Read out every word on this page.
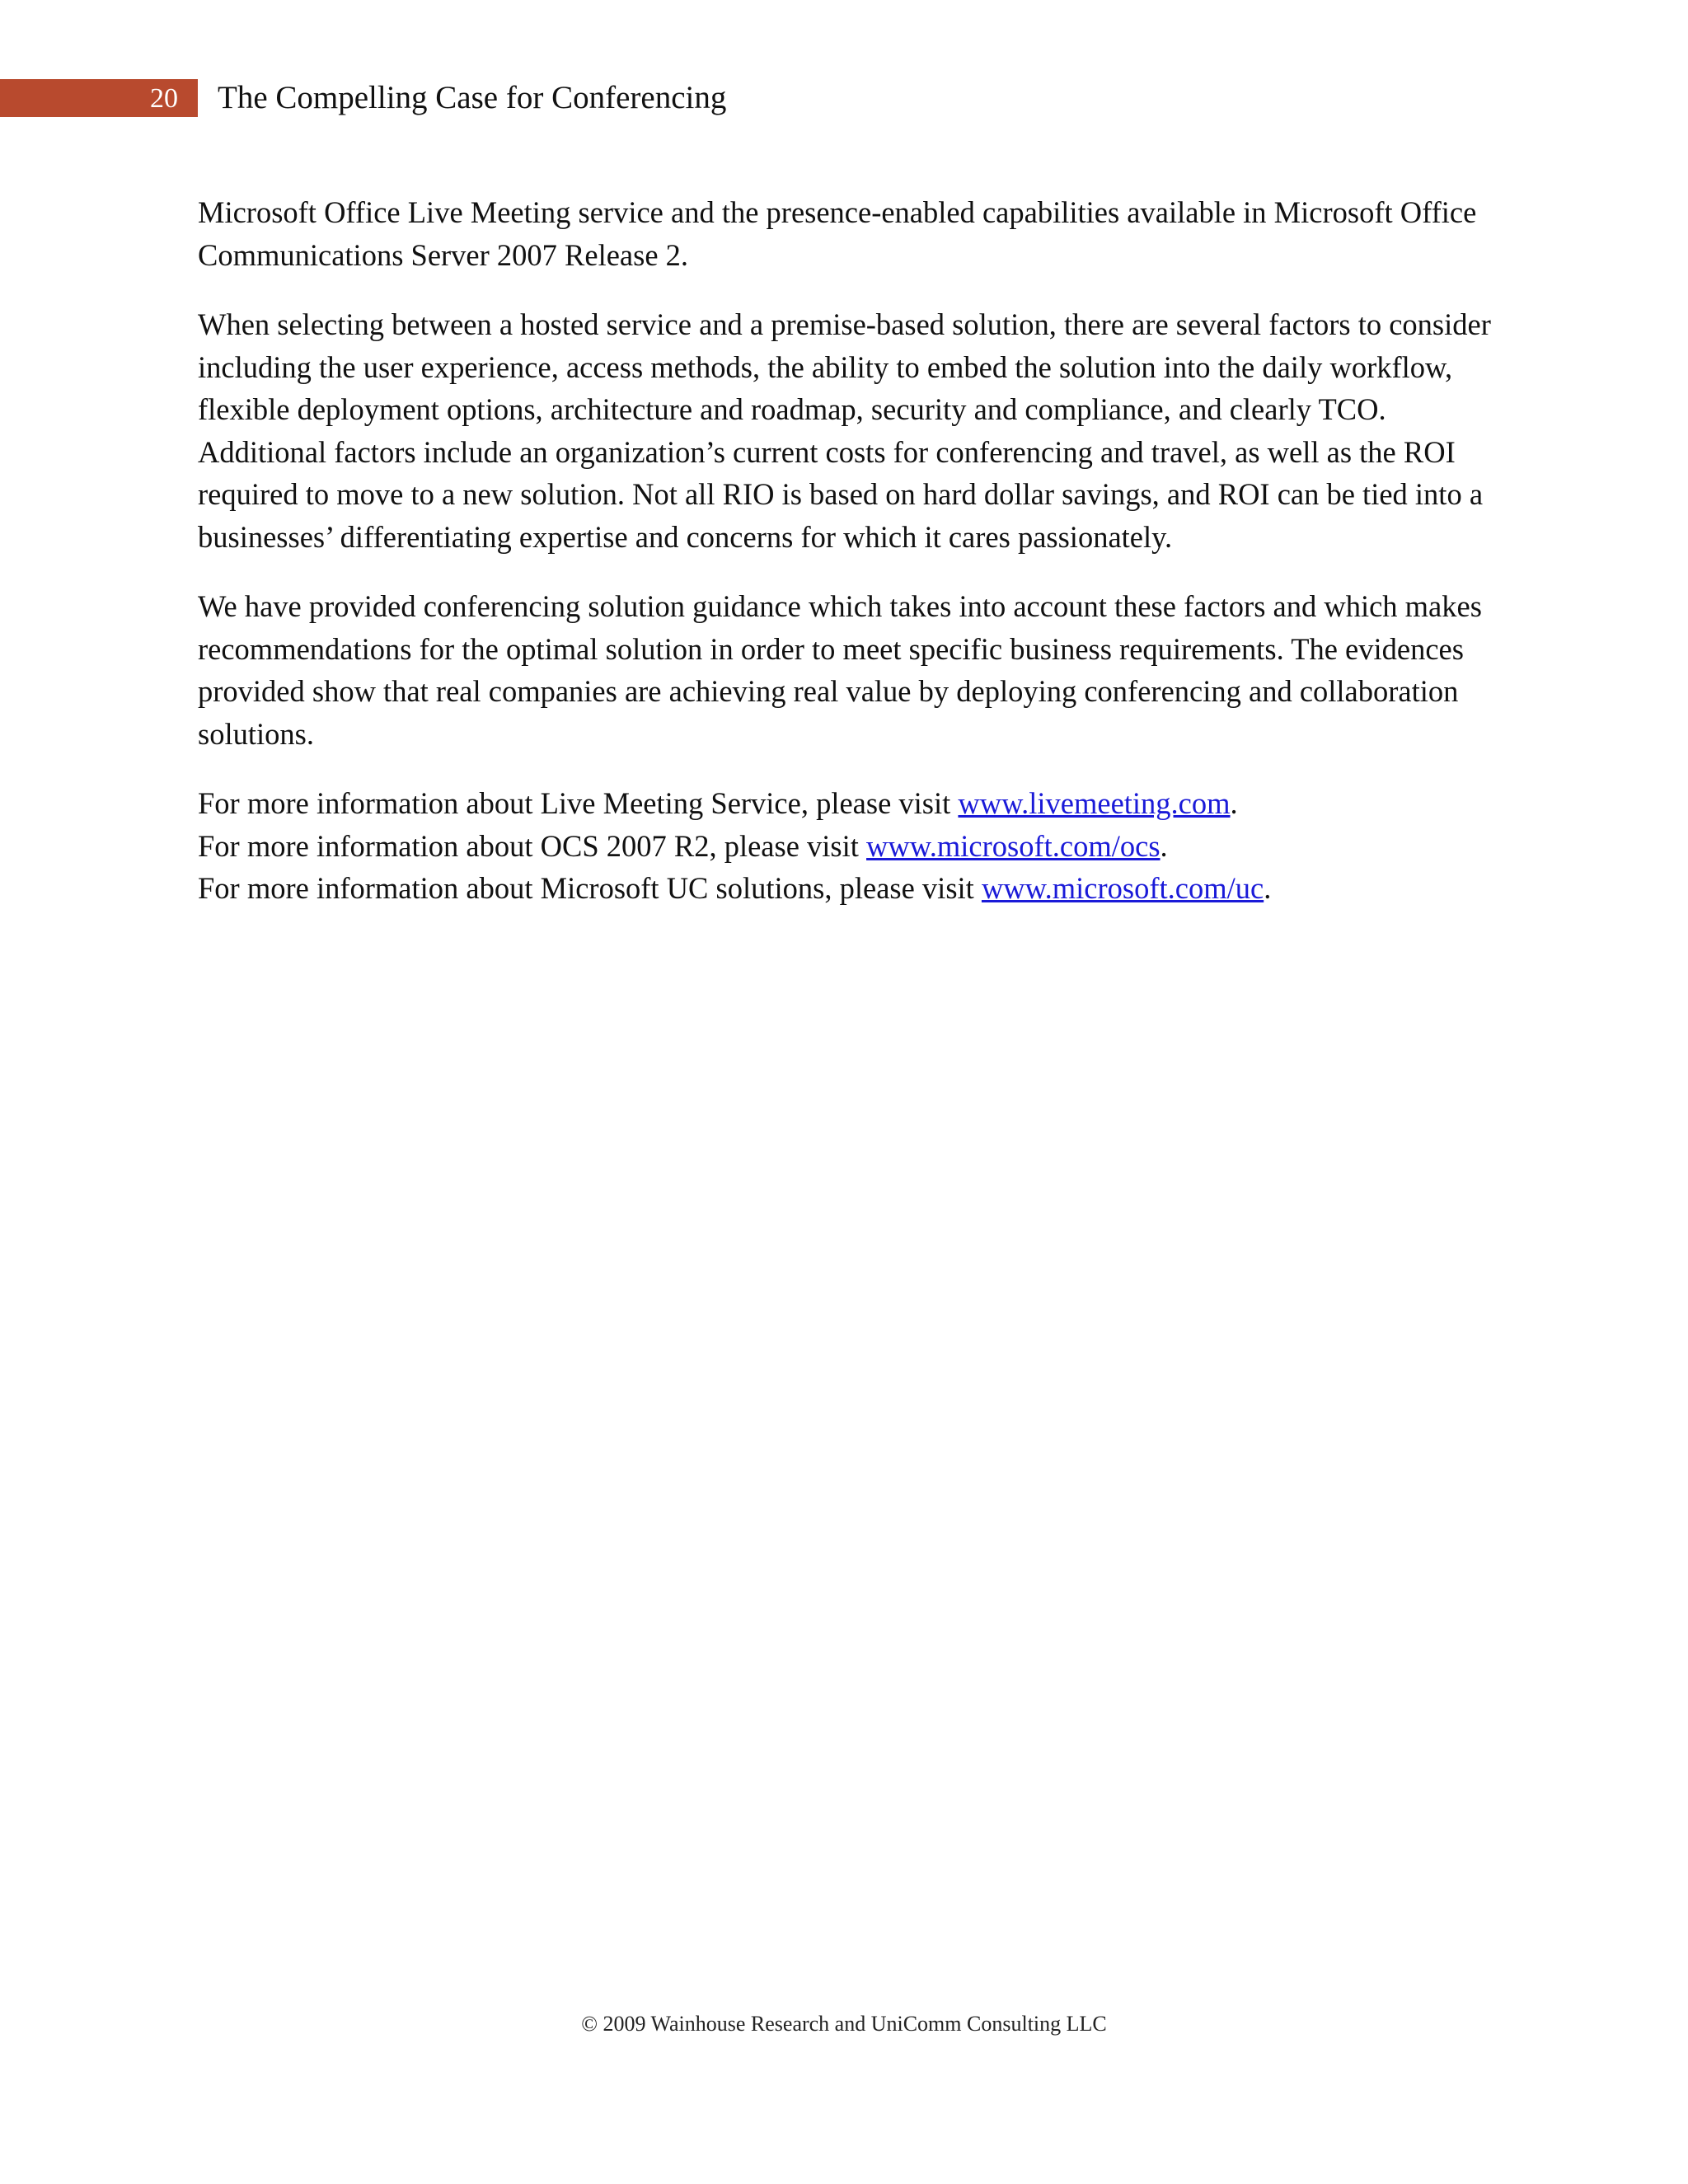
20 The Compelling Case for Conferencing

Microsoft Office Live Meeting service and the presence-enabled capabilities available in Microsoft Office Communications Server 2007 Release 2.

When selecting between a hosted service and a premise-based solution, there are several factors to consider including the user experience, access methods, the ability to embed the solution into the daily workflow, flexible deployment options, architecture and roadmap, security and compliance, and clearly TCO. Additional factors include an organization’s current costs for conferencing and travel, as well as the ROI required to move to a new solution. Not all RIO is based on hard dollar savings, and ROI can be tied into a businesses’ differentiating expertise and concerns for which it cares passionately.

We have provided conferencing solution guidance which takes into account these factors and which makes recommendations for the optimal solution in order to meet specific business requirements. The evidences provided show that real companies are achieving real value by deploying conferencing and collaboration solutions.

For more information about Live Meeting Service, please visit www.livemeeting.com.
For more information about OCS 2007 R2, please visit www.microsoft.com/ocs.
For more information about Microsoft UC solutions, please visit www.microsoft.com/uc.

© 2009 Wainhouse Research and UniComm Consulting LLC
